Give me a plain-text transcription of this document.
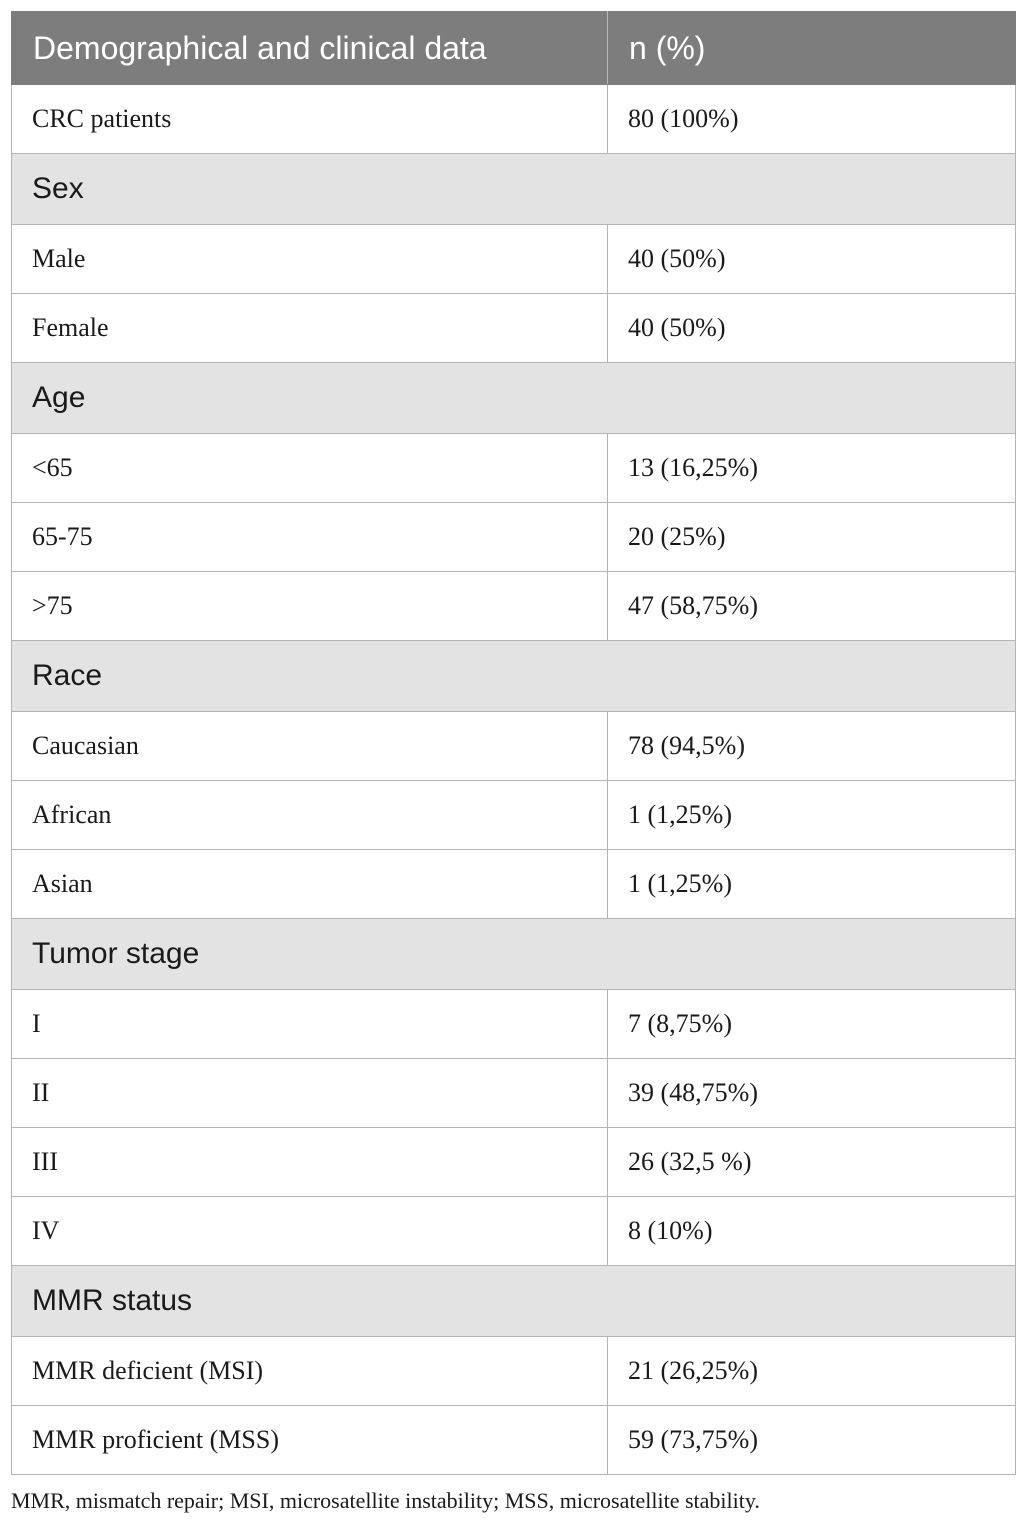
Demographical and clinical data	n (%)
CRC patients	80 (100%)
Sex	
Male	40 (50%)
Female	40 (50%)
Age	
<65	13 (16,25%)
65-75	20 (25%)
>75	47 (58,75%)
Race	
Caucasian	78 (94,5%)
African	1 (1,25%)
Asian	1 (1,25%)
Tumor stage	
I	7 (8,75%)
II	39 (48,75%)
III	26 (32,5 %)
IV	8 (10%)
MMR status	
MMR deficient (MSI)	21 (26,25%)
MMR proficient (MSS)	59 (73,75%)
MMR, mismatch repair; MSI, microsatellite instability; MSS, microsatellite stability.
